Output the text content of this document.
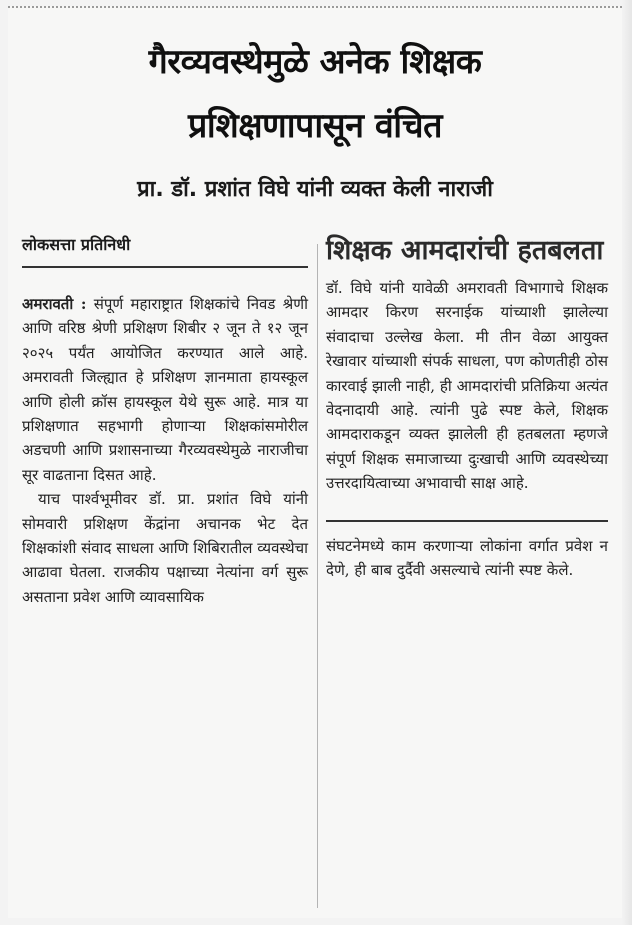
गैरव्यवस्थेमुळे अनेक शिक्षक
प्रशिक्षणापासून वंचित
प्रा. डॉ. प्रशांत विघे यांनी व्यक्त केली नाराजी
लोकसत्ता प्रतिनिधी

अमरावती : संपूर्ण महाराष्ट्रात शिक्षकांचे निवड श्रेणी आणि वरिष्ठ श्रेणी प्रशिक्षण शिबीर २ जून ते १२ जून २०२५ पर्यंत आयोजित करण्यात आले आहे. अमरावती जिल्ह्यात हे प्रशिक्षण ज्ञानमाता हायस्कूल आणि होली क्रॉस हायस्कूल येथे सुरू आहे. मात्र या प्रशिक्षणात सहभागी होणाऱ्या शिक्षकांसमोरील अडचणी आणि प्रशासनाच्या गैरव्यवस्थेमुळे नाराजीचा सूर वाढताना दिसत आहे.

याच पार्श्वभूमीवर डॉ. प्रा. प्रशांत विघे यांनी सोमवारी प्रशिक्षण केंद्रांना अचानक भेट देत शिक्षकांशी संवाद साधला आणि शिबिरातील व्यवस्थेचा आढावा घेतला. राजकीय पक्षाच्या नेत्यांना वर्ग सुरू असताना प्रवेश आणि व्यावसायिक

शिक्षक आमदारांची हतबलता

डॉ. विघे यांनी यावेळी अमरावती विभागाचे शिक्षक आमदार किरण सरनाईक यांच्याशी झालेल्या संवादाचा उल्लेख केला. मी तीन वेळा आयुक्त रेखावार यांच्याशी संपर्क साधला, पण कोणतीही ठोस कारवाई झाली नाही, ही आमदारांची प्रतिक्रिया अत्यंत वेदनादायी आहे. त्यांनी पुढे स्पष्ट केले, शिक्षक आमदाराकडून व्यक्त झालेली ही हतबलता म्हणजे संपूर्ण शिक्षक समाजाच्या दुःखाची आणि व्यवस्थेच्या उत्तरदायित्वाच्या अभावाची साक्ष आहे.

संघटनेमध्ये काम करणाऱ्या लोकांना वर्गात प्रवेश न देणे, ही बाब दुर्दैवी असल्याचे त्यांनी स्पष्ट केले.
